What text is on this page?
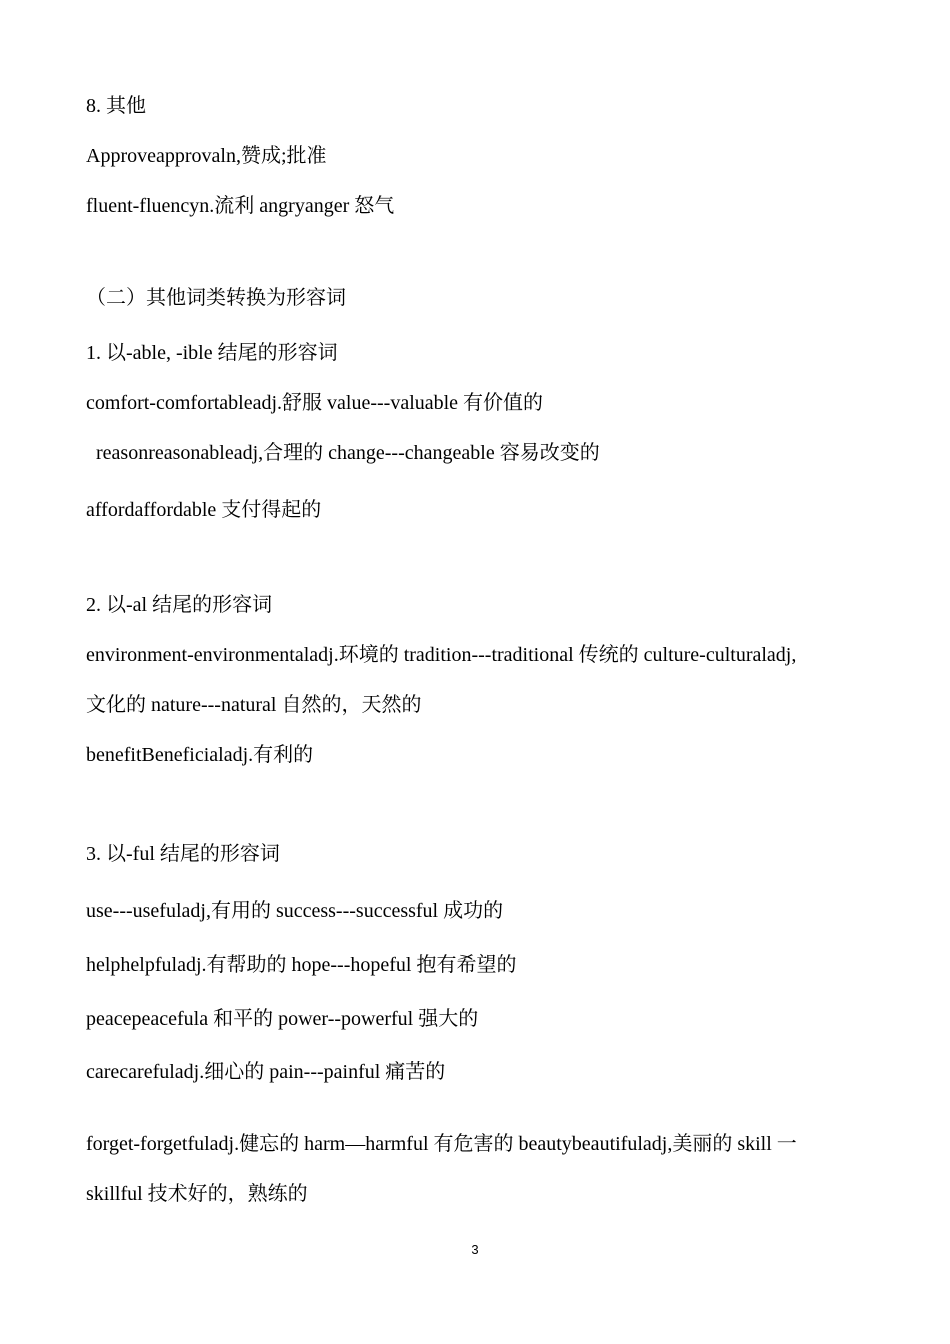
8. 其他
Approveapprovaln,赞成;批准
fluent-fluencyn.流利 angryanger 怒气
（二）其他词类转换为形容词
1. 以-able, -ible 结尾的形容词
comfort-comfortableadj.舒服 value---valuable 有价值的
reasonreasonableadj,合理的 change---changeable 容易改变的
affordaffordable 支付得起的
2. 以-al 结尾的形容词
environment-environmentaladj.环境的 tradition---traditional 传统的 culture-culturaladj,
文化的 nature---natural 自然的，天然的
benefitBeneficialadj.有利的
3. 以-ful 结尾的形容词
use---usefuladj,有用的 success---successful 成功的
helphelpfuladj.有帮助的 hope---hopeful 抱有希望的
peacepeacefula 和平的 power--powerful 强大的
carecarefuladj.细心的 pain---painful 痛苦的
forget-forgetfuladj.健忘的 harm—harmful 有危害的 beautybeautifuladj,美丽的 skill 一
skillful 技术好的，熟练的
3
